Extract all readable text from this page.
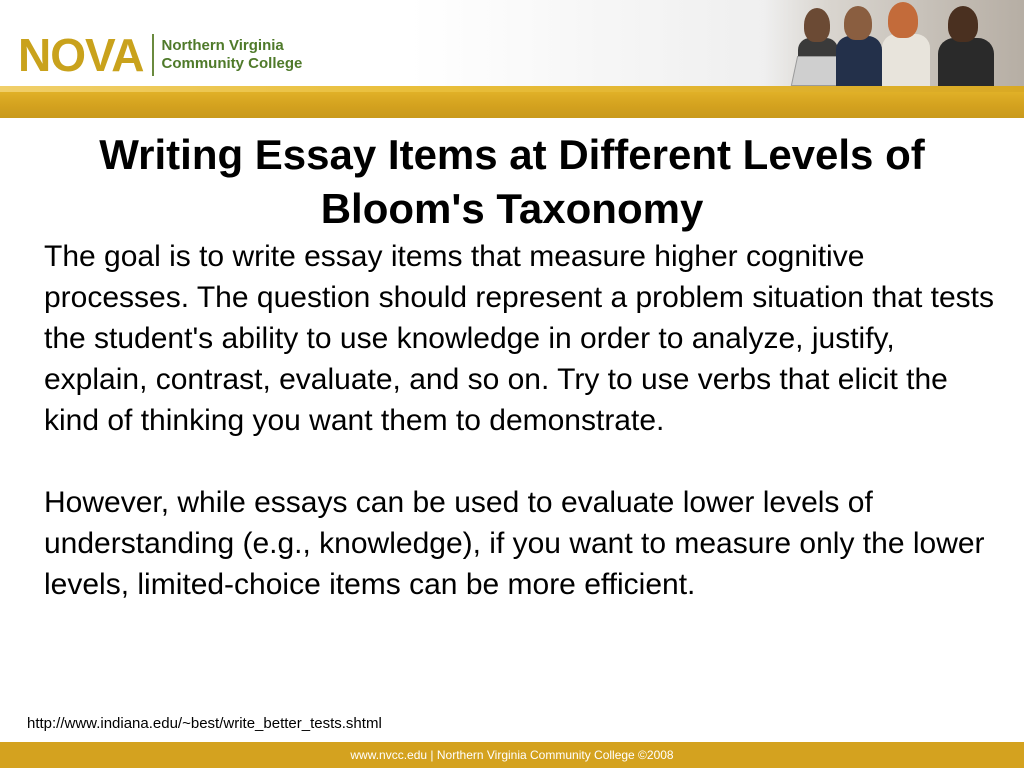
NOVA Northern Virginia
Community College
Writing Essay Items at Different Levels of Bloom's Taxonomy

The goal is to write essay items that measure higher cognitive processes. The question should represent a problem situation that tests the student's ability to use knowledge in order to analyze, justify, explain, contrast, evaluate, and so on. Try to use verbs that elicit the kind of thinking you want them to demonstrate.

However, while essays can be used to evaluate lower levels of understanding (e.g., knowledge), if you want to measure only the lower levels, limited-choice items can be more efficient.

http://www.indiana.edu/~best/write_better_tests.shtml
www.nvcc.edu | Northern Virginia Community College ©2008
